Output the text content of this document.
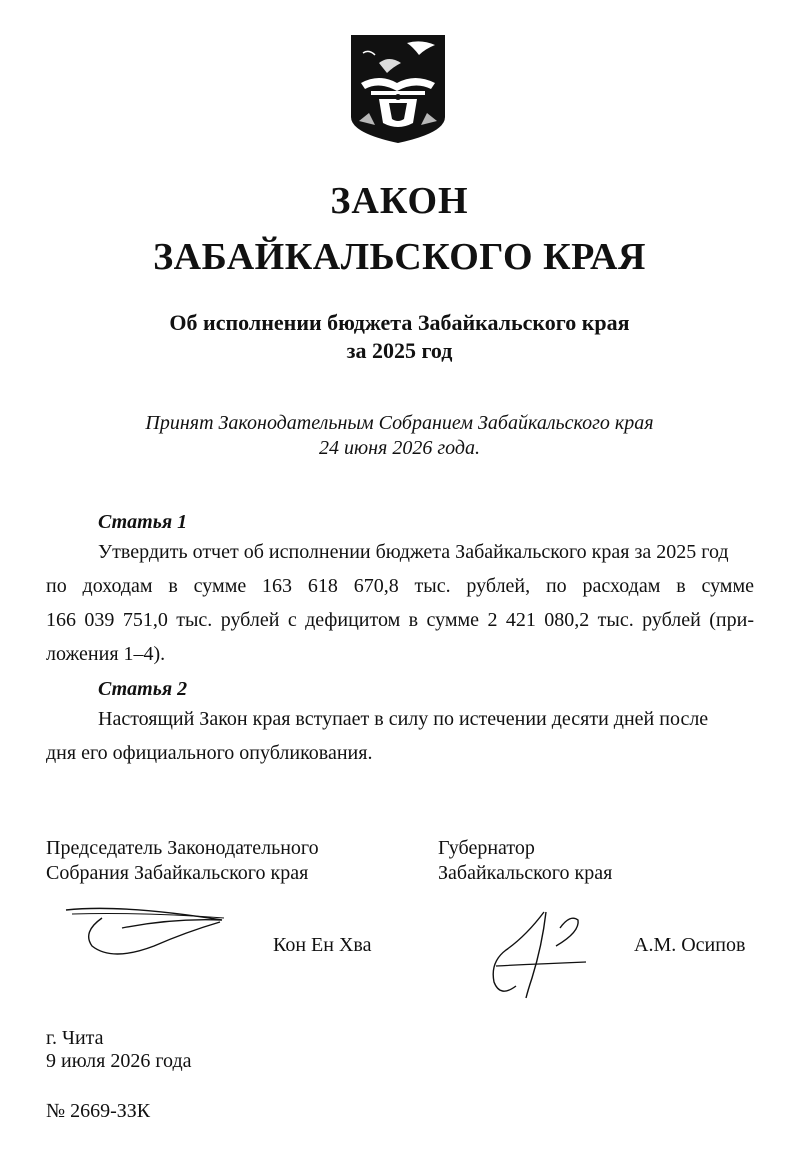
ЗАКОН
ЗАБАЙКАЛЬСКОГО КРАЯ
Об исполнении бюджета Забайкальского края
за 2025 год
Принят Законодательным Собранием Забайкальского края
24 июня 2026 года.
Статья 1
Утвердить отчет об исполнении бюджета Забайкальского края за 2025 год
по доходам в сумме 163 618 670,8 тыс. рублей, по расходам в сумме
166 039 751,0 тыс. рублей с дефицитом в сумме 2 421 080,2 тыс. рублей (при-
ложения 1–4).
Статья 2
Настоящий Закон края вступает в силу по истечении десяти дней после
дня его официального опубликования.
Председатель Законодательного
Собрания Забайкальского края
Кон Ен Хва
Губернатор
Забайкальского края
А.М. Осипов
г. Чита
9 июля 2026 года
№ 2669-ЗЗК
